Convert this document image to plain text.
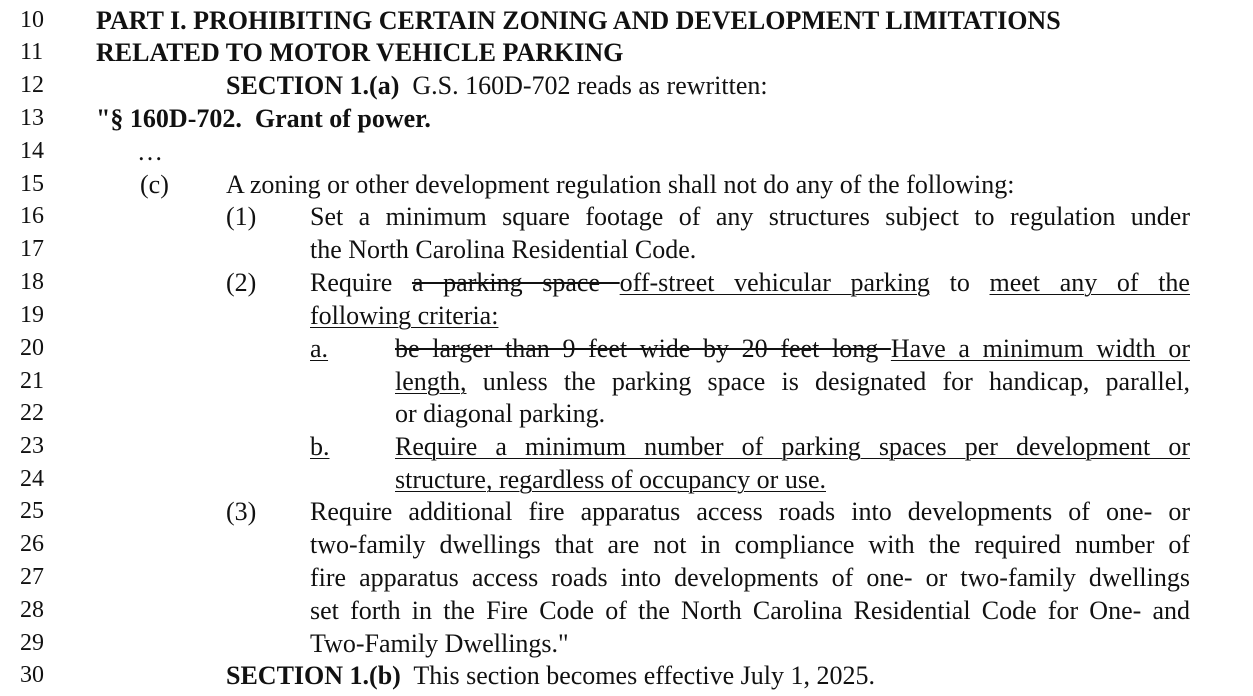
10	PART I. PROHIBITING CERTAIN ZONING AND DEVELOPMENT LIMITATIONS
11	RELATED TO MOTOR VEHICLE PARKING
12	SECTION 1.(a)  G.S. 160D-702 reads as rewritten:
13	"§ 160D-702.  Grant of power.
14	…
15	(c) A zoning or other development regulation shall not do any of the following:
16	(1) Set a minimum square footage of any structures subject to regulation under
17	the North Carolina Residential Code.
18	(2) Require a parking space off-street vehicular parking to meet any of the
19	following criteria:
20	a.	be larger than 9 feet wide by 20 feet long Have a minimum width or
21	length, unless the parking space is designated for handicap, parallel,
22	or diagonal parking.
23	b.	Require a minimum number of parking spaces per development or
24	structure, regardless of occupancy or use.
25	(3) Require additional fire apparatus access roads into developments of one- or
26	two-family dwellings that are not in compliance with the required number of
27	fire apparatus access roads into developments of one- or two-family dwellings
28	set forth in the Fire Code of the North Carolina Residential Code for One- and
29	Two-Family Dwellings."
30	SECTION 1.(b)  This section becomes effective July 1, 2025.
